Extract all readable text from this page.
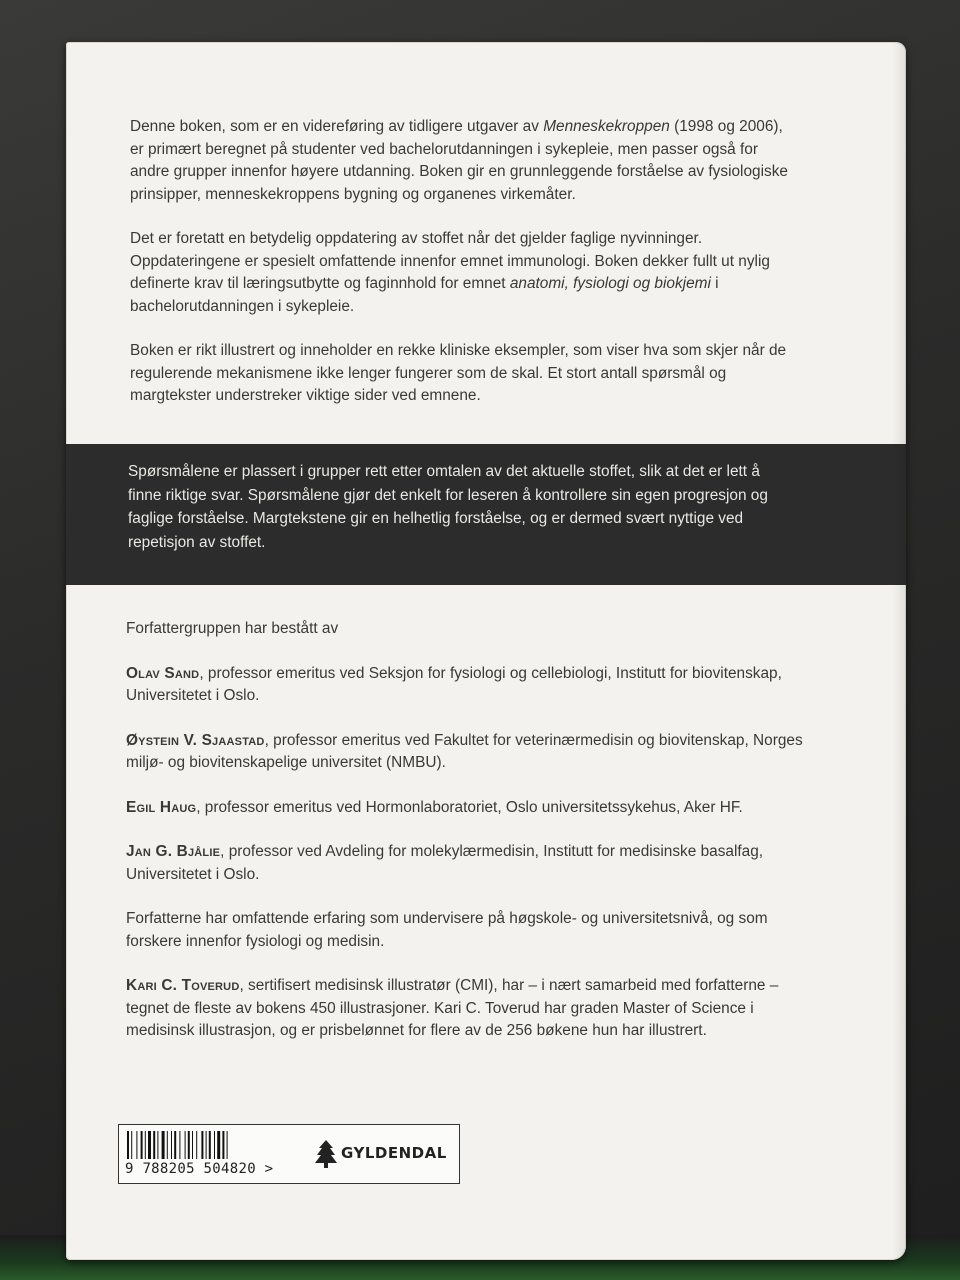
Denne boken, som er en videreføring av tidligere utgaver av Menneskekroppen (1998 og 2006), er primært beregnet på studenter ved bachelorutdanningen i sykepleie, men passer også for andre grupper innenfor høyere utdanning. Boken gir en grunnleggende forståelse av fysiologiske prinsipper, menneskekroppens bygning og organenes virkemåter.

Det er foretatt en betydelig oppdatering av stoffet når det gjelder faglige nyvinninger. Oppdateringene er spesielt omfattende innenfor emnet immunologi. Boken dekker fullt ut nylig definerte krav til læringsutbytte og faginnhold for emnet anatomi, fysiologi og biokjemi i bachelorutdanningen i sykepleie.

Boken er rikt illustrert og inneholder en rekke kliniske eksempler, som viser hva som skjer når de regulerende mekanismene ikke lenger fungerer som de skal. Et stort antall spørsmål og margtekster understreker viktige sider ved emnene.

Spørsmålene er plassert i grupper rett etter omtalen av det aktuelle stoffet, slik at det er lett å finne riktige svar. Spørsmålene gjør det enkelt for leseren å kontrollere sin egen progresjon og faglige forståelse. Margtekstene gir en helhetlig forståelse, og er dermed svært nyttige ved repetisjon av stoffet.

Forfattergruppen har bestått av

Olav Sand, professor emeritus ved Seksjon for fysiologi og cellebiologi, Institutt for biovitenskap, Universitetet i Oslo.

Øystein V. Sjaastad, professor emeritus ved Fakultet for veterinærmedisin og biovitenskap, Norges miljø- og biovitenskapelige universitet (NMBU).

Egil Haug, professor emeritus ved Hormonlaboratoriet, Oslo universitetssykehus, Aker HF.

Jan G. Bjålie, professor ved Avdeling for molekylærmedisin, Institutt for medisinske basalfag, Universitetet i Oslo.

Forfatterne har omfattende erfaring som undervisere på høgskole- og universitetsnivå, og som forskere innenfor fysiologi og medisin.

Kari C. Toverud, sertifisert medisinsk illustratør (CMI), har – i nært samarbeid med forfatterne – tegnet de fleste av bokens 450 illustrasjoner. Kari C. Toverud har graden Master of Science i medisinsk illustrasjon, og er prisbelønnet for flere av de 256 bøkene hun har illustrert.

9 788205 504820 >
GYLDENDAL
